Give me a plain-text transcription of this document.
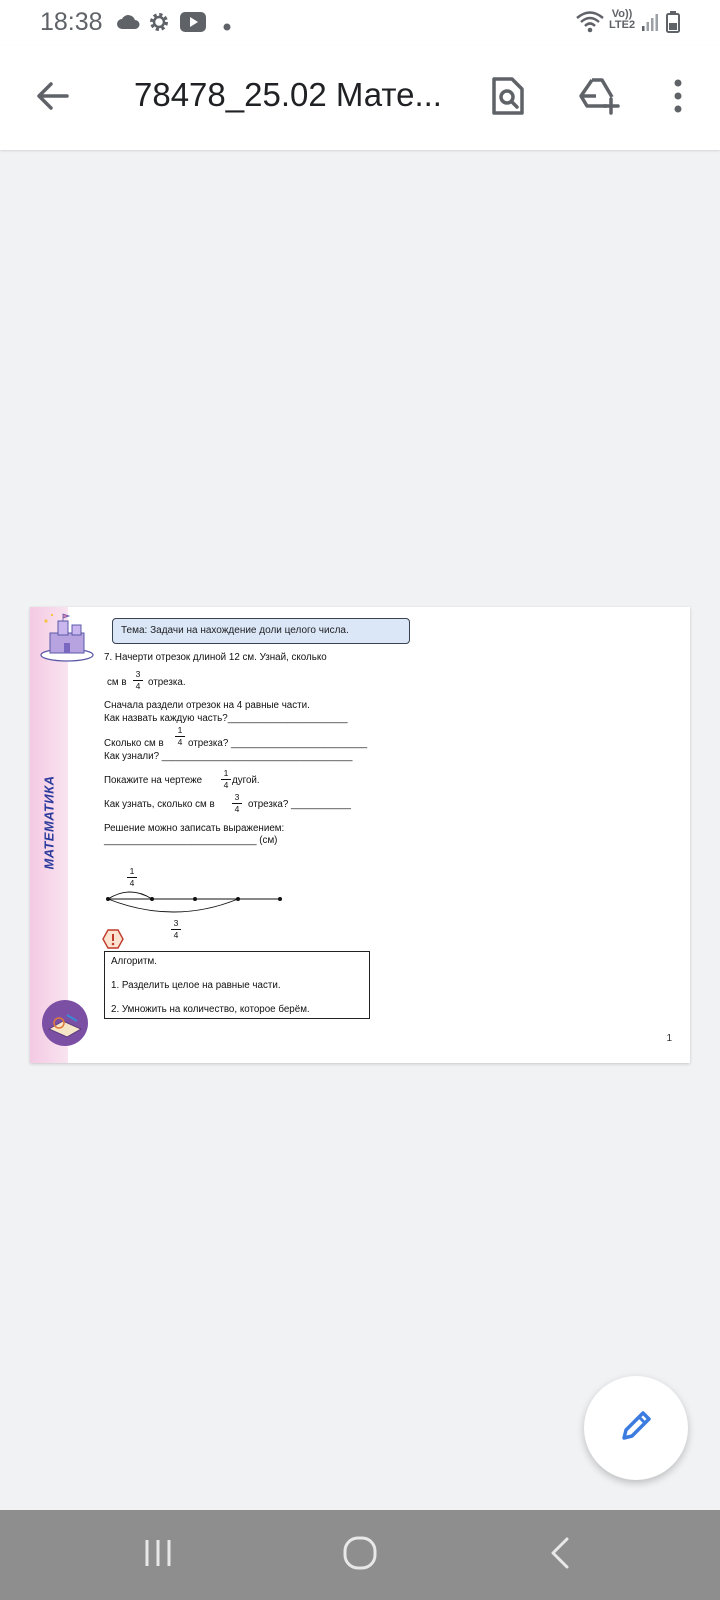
18:38	Vo))
LTE2
78478_25.02 Мате...
МАТЕМАТИКА
Тема: Задачи на нахождение доли целого числа.
7. Начерти отрезок длиной 12 см. Узнай, сколько
см в
3
4 отрезка.
Сначала раздели отрезок на 4 равные части.
Как назвать каждую часть?______________________
Сколько см в
1
4 отрезка? _________________________
Как узнали? ___________________________________
Покажите на чертеже
1
4 дугой.
Как узнать, сколько см в
3
4 отрезка? ___________
Решение можно записать выражением:
____________________________ (см)
1
4
3
4
Алгоритм.
1. Разделить целое на равные части.
2. Умножить на количество, которое берём.
1
